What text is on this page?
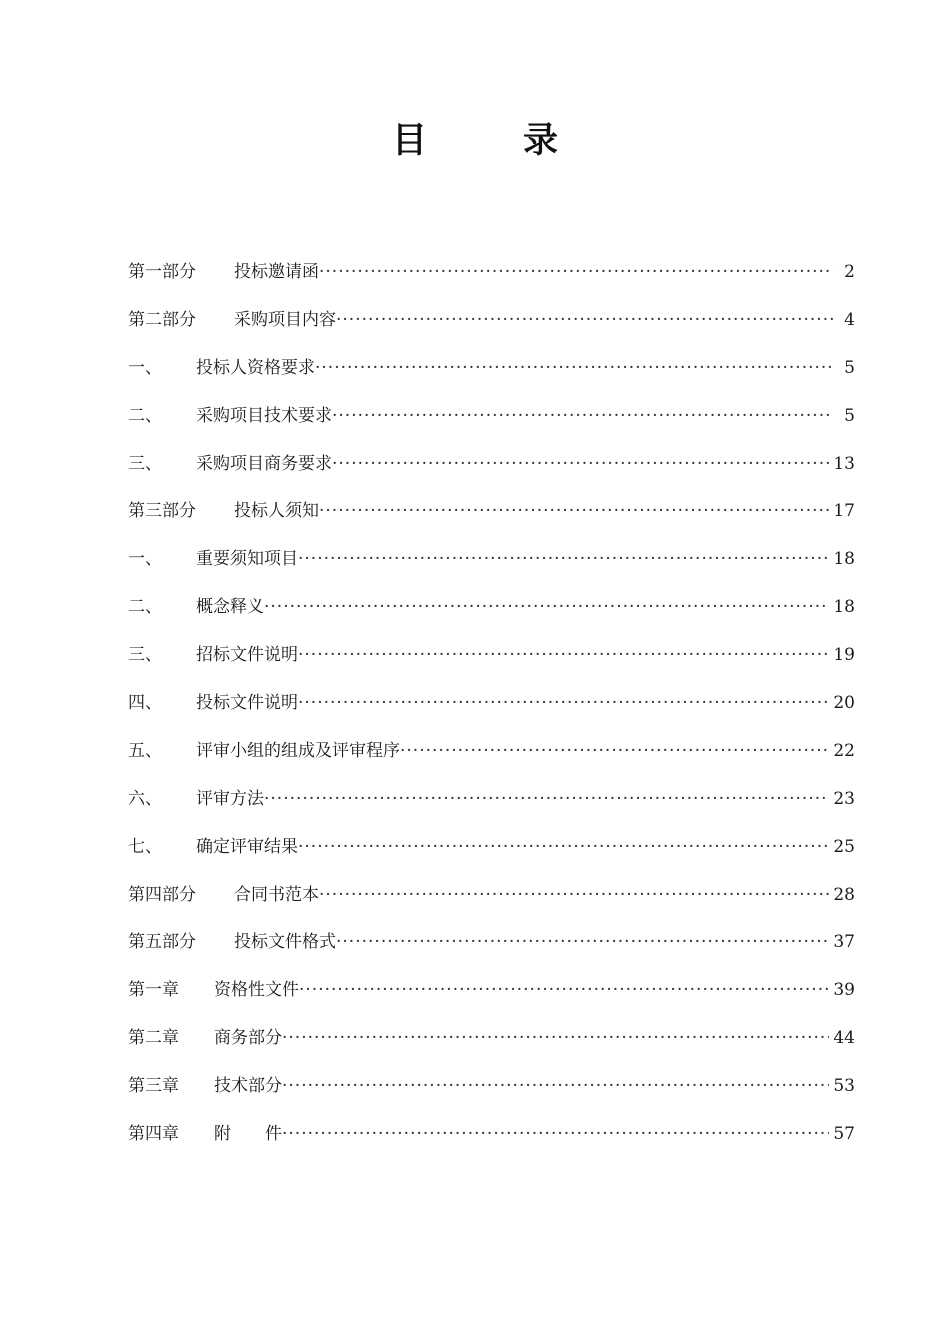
目	录
第一部分	投标邀请函 ·····	2
第二部分	采购项目内容 ·····	4
一、	投标人资格要求 ·····	5
二、	采购项目技术要求 ·····	5
三、	采购项目商务要求 ·····	13
第三部分	投标人须知 ·····	17
一、	重要须知项目 ·····	18
二、	概念释义 ·····	18
三、	招标文件说明 ·····	19
四、	投标文件说明 ·····	20
五、	评审小组的组成及评审程序 ·····	22
六、	评审方法 ·····	23
七、	确定评审结果 ·····	25
第四部分	合同书范本 ·····	28
第五部分	投标文件格式 ·····	37
第一章	资格性文件 ·····	39
第二章	商务部分 ·····	44
第三章	技术部分 ·····	53
第四章	附　　件 ·····	57
